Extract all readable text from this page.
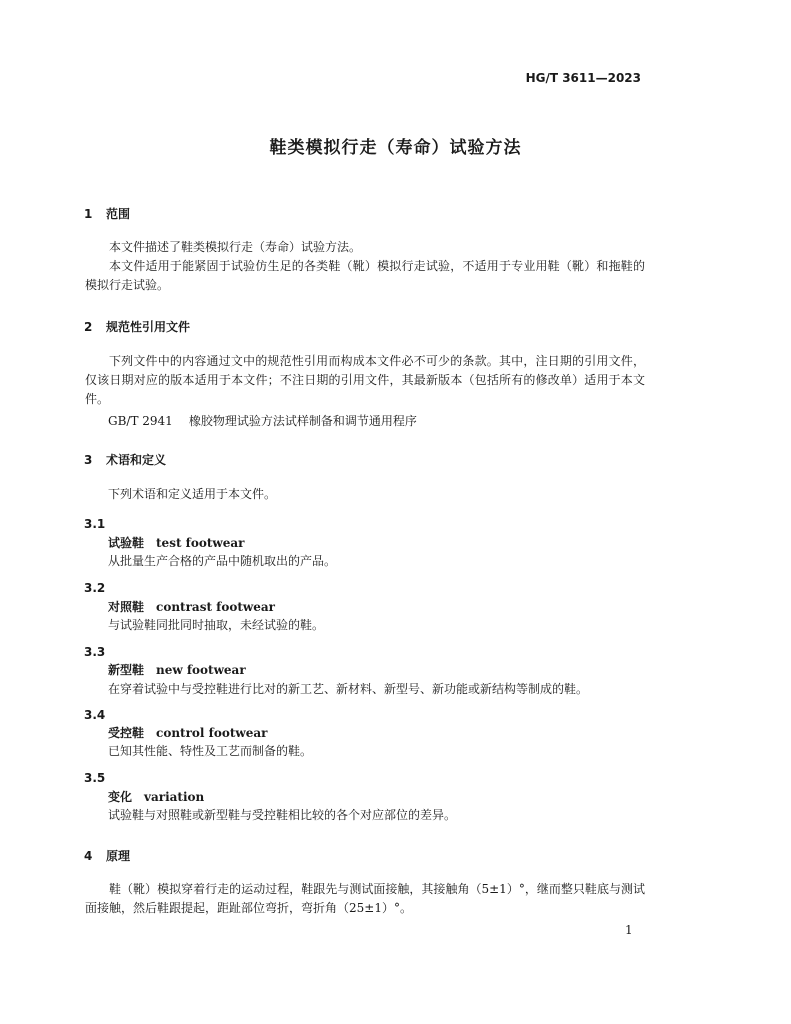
HG/T 3611—2023
鞋类模拟行走（寿命）试验方法
1 范围

本文件描述了鞋类模拟行走（寿命）试验方法。

本文件适用于能紧固于试验仿生足的各类鞋（靴）模拟行走试验，不适用于专业用鞋（靴）和拖鞋的模拟行走试验。

2 规范性引用文件

下列文件中的内容通过文中的规范性引用而构成本文件必不可少的条款。其中，注日期的引用文件，仅该日期对应的版本适用于本文件；不注日期的引用文件，其最新版本（包括所有的修改单）适用于本文件。

GB/T 2941 橡胶物理试验方法试样制备和调节通用程序
3 术语和定义
下列术语和定义适用于本文件。
3.1
试验鞋 test footwear
从批量生产合格的产品中随机取出的产品。
3.2
对照鞋 contrast footwear
与试验鞋同批同时抽取，未经试验的鞋。
3.3
新型鞋 new footwear
在穿着试验中与受控鞋进行比对的新工艺、新材料、新型号、新功能或新结构等制成的鞋。
3.4
受控鞋 control footwear
已知其性能、特性及工艺而制备的鞋。
3.5
变化 variation
试验鞋与对照鞋或新型鞋与受控鞋相比较的各个对应部位的差异。
4 原理

鞋（靴）模拟穿着行走的运动过程，鞋跟先与测试面接触，其接触角（5±1）°，继而整只鞋底与测试面接触，然后鞋跟提起，距趾部位弯折，弯折角（25±1）°。

1
